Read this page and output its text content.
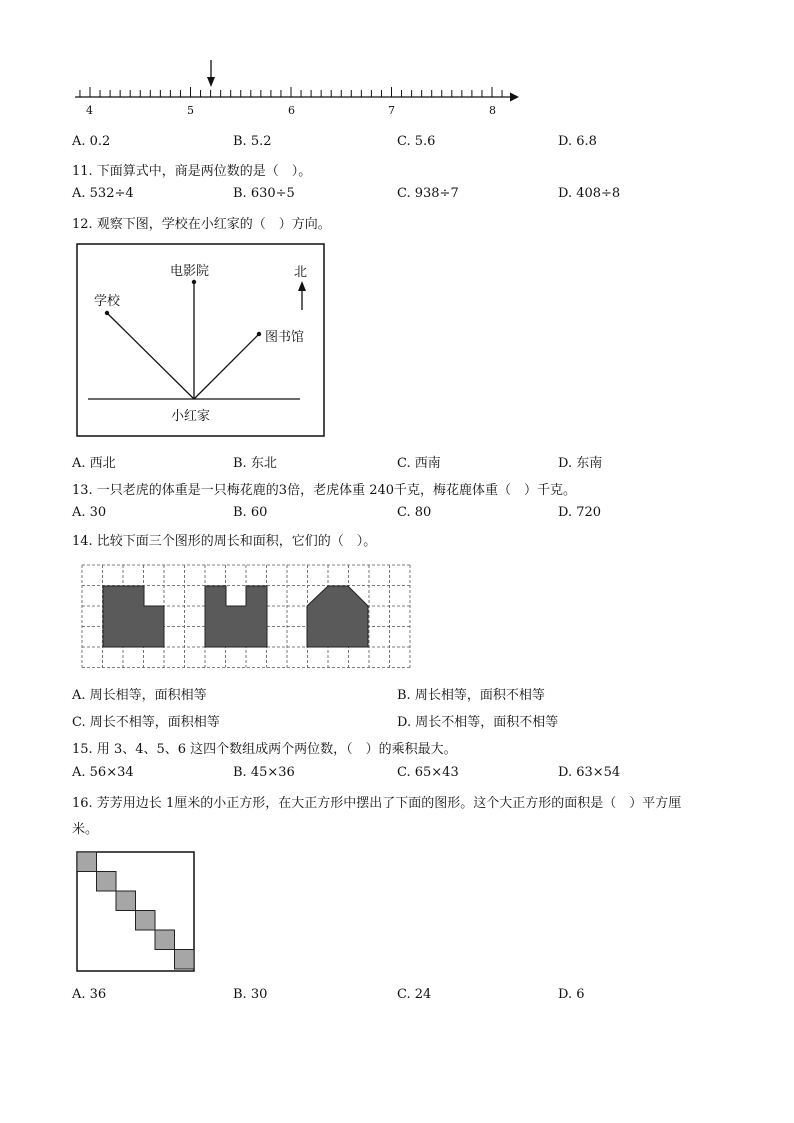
4	5	6	7	8
A. 0.2	B. 5.2	C. 5.6	D. 6.8
11. 下面算式中，商是两位数的是（　）。
A. 532÷4	B. 630÷5	C. 938÷7	D. 408÷8
12. 观察下图，学校在小红家的（　）方向。
电影院
学校
图书馆
小红家
北
A. 西北	B. 东北	C. 西南	D. 东南
13. 一只老虎的体重是一只梅花鹿的3倍，老虎体重 240千克，梅花鹿体重（　）千克。
A. 30	B. 60	C. 80	D. 720
14. 比较下面三个图形的周长和面积，它们的（　）。
A. 周长相等，面积相等	B. 周长相等，面积不相等
C. 周长不相等，面积相等	D. 周长不相等，面积不相等
15. 用 3、4、5、6 这四个数组成两个两位数，（　）的乘积最大。
A. 56×34	B. 45×36	C. 65×43	D. 63×54
16. 芳芳用边长 1厘米的小正方形，在大正方形中摆出了下面的图形。这个大正方形的面积是（　）平方厘
米。
A. 36	B. 30	C. 24	D. 6
